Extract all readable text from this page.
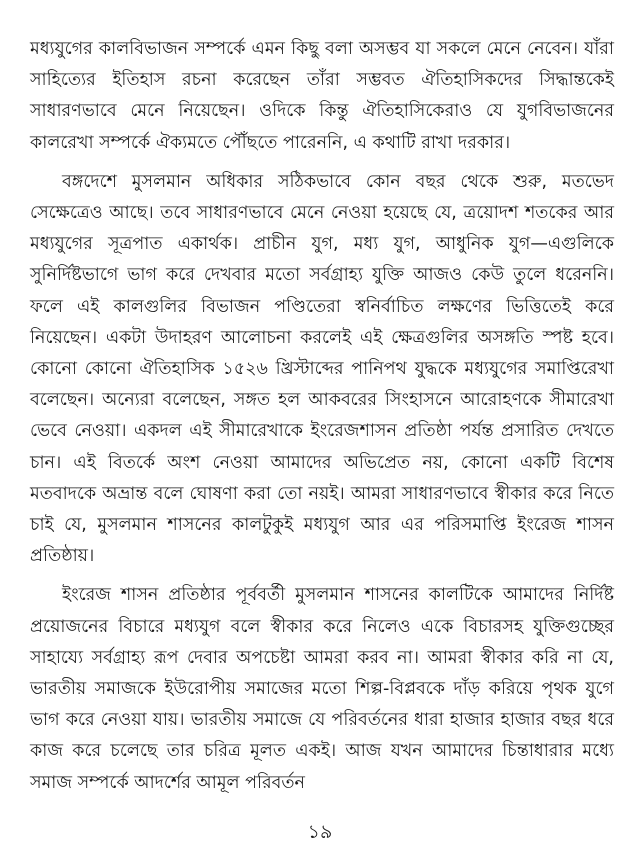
মধ্যযুগের কালবিভাজন সম্পর্কে এমন কিছু বলা অসম্ভব যা সকলে মেনে নেবেন। যাঁরা সাহিত্যের ইতিহাস রচনা করেছেন তাঁরা সম্ভবত ঐতিহাসিকদের সিদ্ধান্তকেই সাধারণভাবে মেনে নিয়েছেন। ওদিকে কিন্তু ঐতিহাসিকেরাও যে যুগবিভাজনের কালরেখা সম্পর্কে ঐক্যমতে পৌঁছতে পারেননি, এ কথাটি রাখা দরকার।

বঙ্গদেশে মুসলমান অধিকার সঠিকভাবে কোন বছর থেকে শুরু, মতভেদ সেক্ষেত্রেও আছে। তবে সাধারণভাবে মেনে নেওয়া হয়েছে যে, ত্রয়োদশ শতকের আর মধ্যযুগের সূত্রপাত একার্থক। প্রাচীন যুগ, মধ্য যুগ, আধুনিক যুগ—এগুলিকে সুনির্দিষ্টভাগে ভাগ করে দেখবার মতো সর্বগ্রাহ্য যুক্তি আজও কেউ তুলে ধরেননি। ফলে এই কালগুলির বিভাজন পণ্ডিতেরা স্বনির্বাচিত লক্ষণের ভিত্তিতেই করে নিয়েছেন। একটা উদাহরণ আলোচনা করলেই এই ক্ষেত্রগুলির অসঙ্গতি স্পষ্ট হবে। কোনো কোনো ঐতিহাসিক ১৫২৬ খ্রিস্টাব্দের পানিপথ যুদ্ধকে মধ্যযুগের সমাপ্তিরেখা বলেছেন। অন্যেরা বলেছেন, সঙ্গত হল আকবরের সিংহাসনে আরোহণকে সীমারেখা ভেবে নেওয়া। একদল এই সীমারেখাকে ইংরেজশাসন প্রতিষ্ঠা পর্যন্ত প্রসারিত দেখতে চান। এই বিতর্কে অংশ নেওয়া আমাদের অভিপ্রেত নয়, কোনো একটি বিশেষ মতবাদকে অভ্রান্ত বলে ঘোষণা করা তো নয়ই। আমরা সাধারণভাবে স্বীকার করে নিতে চাই যে, মুসলমান শাসনের কালটুকুই মধ্যযুগ আর এর পরিসমাপ্তি ইংরেজ শাসন প্রতিষ্ঠায়।

ইংরেজ শাসন প্রতিষ্ঠার পূর্ববর্তী মুসলমান শাসনের কালটিকে আমাদের নির্দিষ্ট প্রয়োজনের বিচারে মধ্যযুগ বলে স্বীকার করে নিলেও একে বিচারসহ যুক্তিগুচ্ছের সাহায্যে সর্বগ্রাহ্য রূপ দেবার অপচেষ্টা আমরা করব না। আমরা স্বীকার করি না যে, ভারতীয় সমাজকে ইউরোপীয় সমাজের মতো শিল্প-বিপ্লবকে দাঁড় করিয়ে পৃথক যুগে ভাগ করে নেওয়া যায়। ভারতীয় সমাজে যে পরিবর্তনের ধারা হাজার হাজার বছর ধরে কাজ করে চলেছে তার চরিত্র মূলত একই। আজ যখন আমাদের চিন্তাধারার মধ্যে সমাজ সম্পর্কে আদর্শের আমূল পরিবর্তন

১৯
